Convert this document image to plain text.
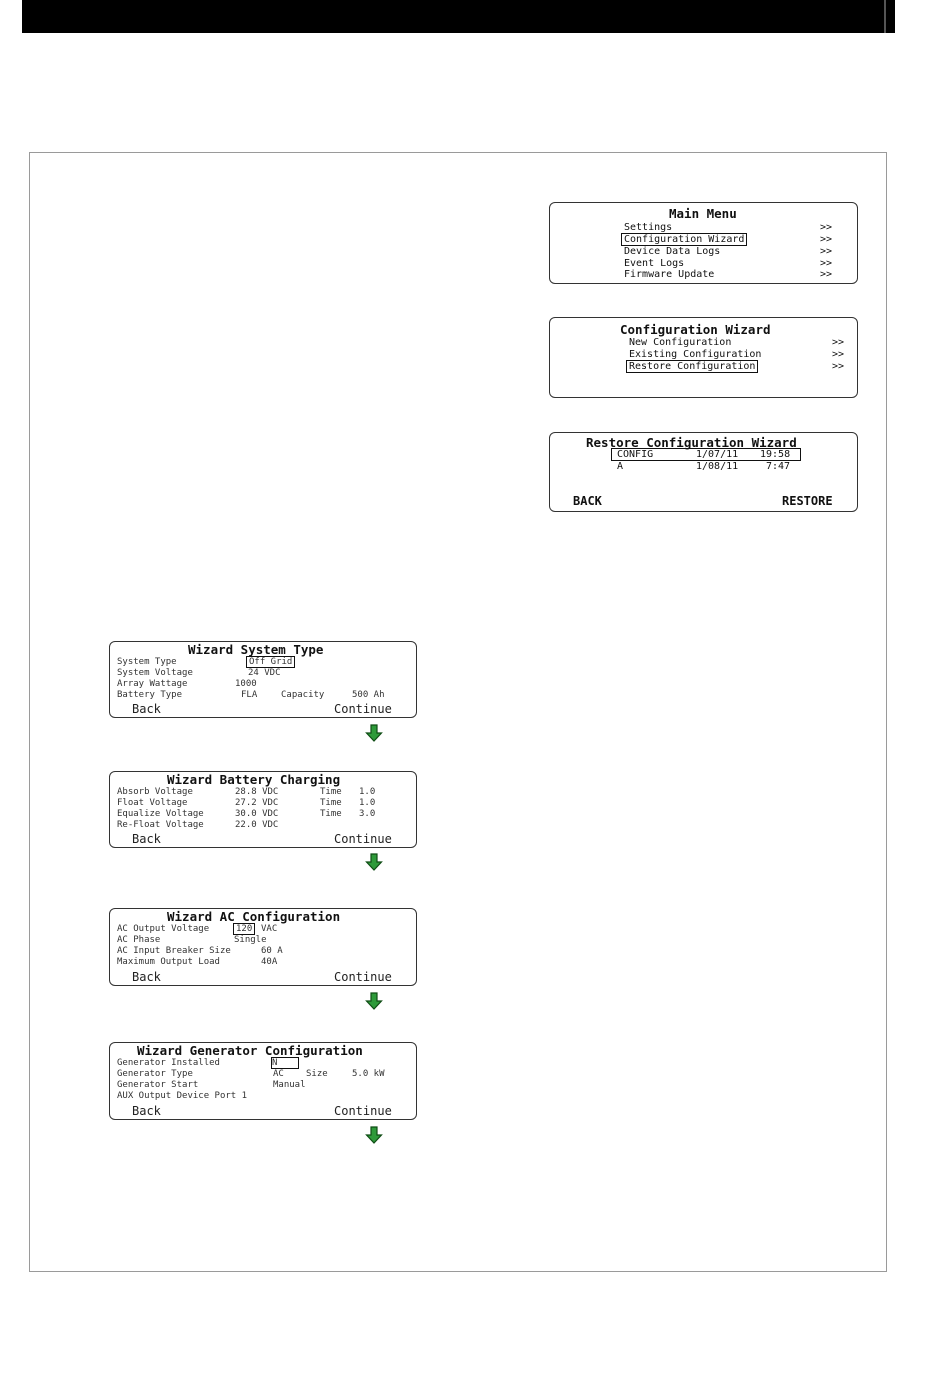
Main Menu
Settings	>>
Configuration Wizard	>>
Device Data Logs	>>
Event Logs	>>
Firmware Update	>>
Configuration Wizard
New Configuration	>>
Existing Configuration	>>
Restore Configuration	>>
Restore Configuration Wizard
CONFIG	1/07/11 19:58
A	1/08/11	7:47
BACK	RESTORE
Wizard System Type
System Type	Off Grid
System Voltage	24 VDC
Array Wattage	1000
Battery Type	FLA	Capacity	500 Ah
Back	Continue
Wizard Battery Charging
Absorb Voltage	28.8 VDC	Time 1.0
Float Voltage	27.2 VDC	Time 1.0
Equalize Voltage	30.0 VDC	Time 3.0
Re-Float Voltage	22.0 VDC
Back	Continue
Wizard AC Configuration
AC Output Voltage	120 VAC
AC Phase	Single
AC Input Breaker Size	60 A
Maximum Output Load	40A
Back	Continue
Wizard Generator Configuration
Generator Installed	N
Generator Type	AC Size	5.0 kW
Generator Start	Manual
AUX Output Device Port 1
Back	Continue
